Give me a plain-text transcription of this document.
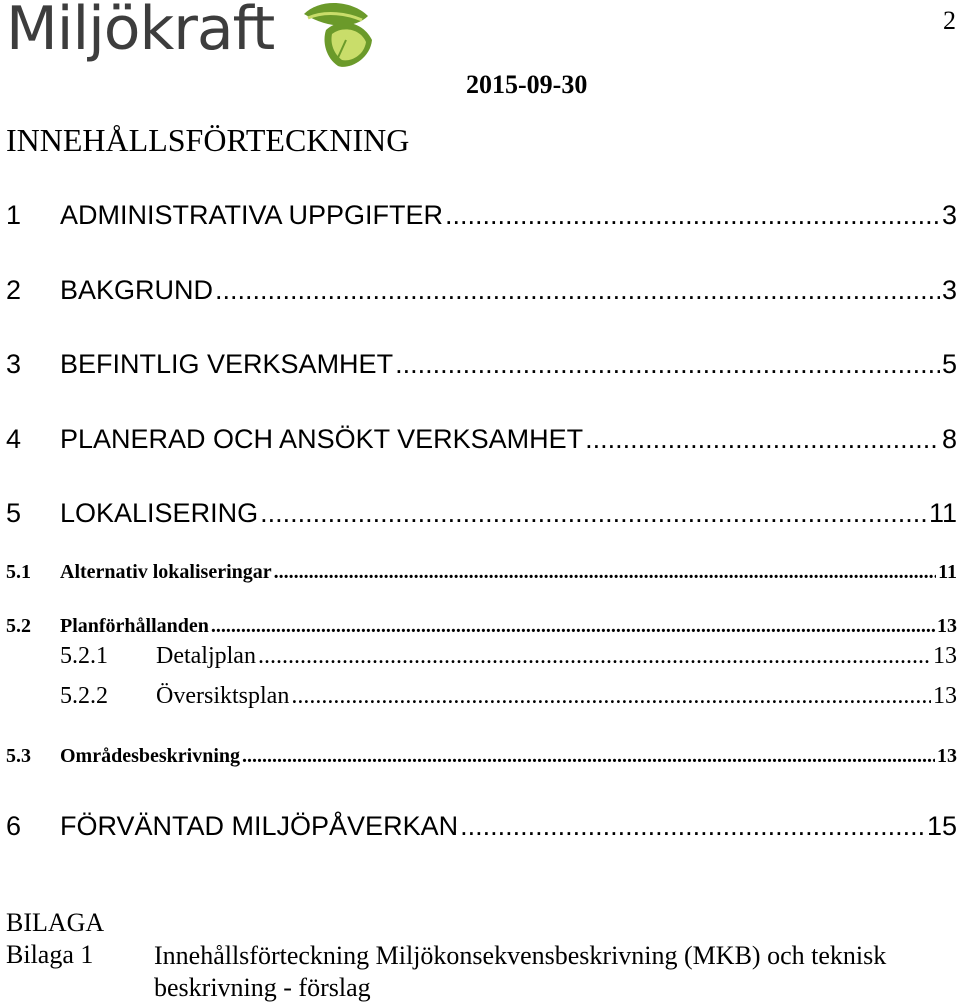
Miljökraft	2
2015-09-30
INNEHÅLLSFÖRTECKNING
1	ADMINISTRATIVA UPPGIFTER .....	3
2	BAKGRUND .....	3
3	BEFINTLIG VERKSAMHET .....	5
4	PLANERAD OCH ANSÖKT VERKSAMHET .....	8
5	LOKALISERING .....	11
5.1	Alternativ lokaliseringar .....	11
5.2	Planförhållanden .....	13
5.2.1	Detaljplan .....	13
5.2.2	Översiktsplan .....	13
5.3	Områdesbeskrivning .....	13
6	FÖRVÄNTAD MILJÖPÅVERKAN .....	15
BILAGA
Bilaga 1 Innehållsförteckning Miljökonsekvensbeskrivning (MKB) och teknisk beskrivning - förslag
